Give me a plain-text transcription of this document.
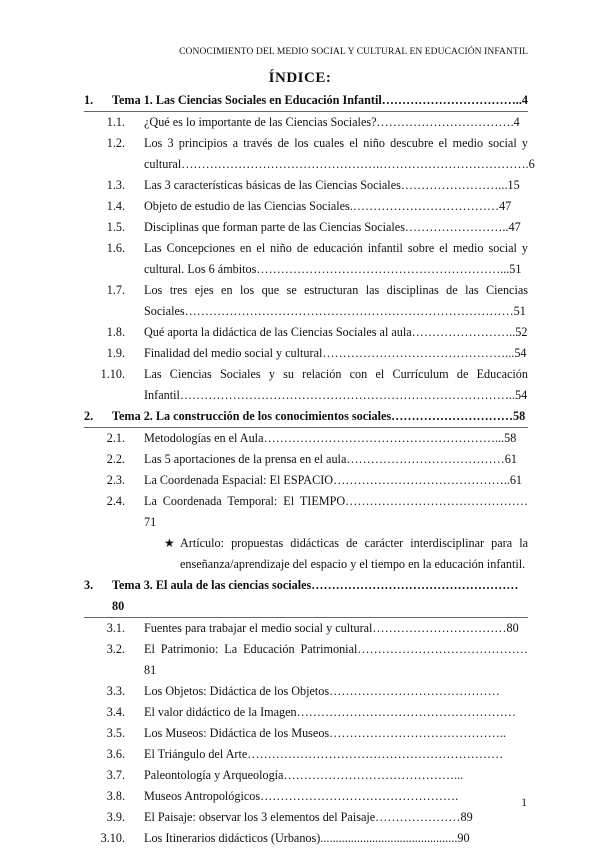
CONOCIMIENTO DEL MEDIO SOCIAL Y CULTURAL EN EDUCACIÓN INFANTIL
ÍNDICE:
1.	Tema 1. Las Ciencias Sociales en Educación Infantil……………………………..4
1.1. ¿Qué es lo importante de las Ciencias Sociales?…………………………….4
1.2. Los 3 principios a través de los cuales el niño descubre el medio social y cultural………………………………………….……………………………….6
1.3. Las 3 características básicas de las Ciencias Sociales……………………...15
1.4. Objeto de estudio de las Ciencias Sociales.………………………………47
1.5. Disciplinas que forman parte de las Ciencias Sociales……………………..47
1.6. Las Concepciones en el niño de educación infantil sobre el medio social y cultural. Los 6 ámbitos……………………………………………………...51
1.7. Los tres ejes en los que se estructuran las disciplinas de las Ciencias Sociales………………………………………………………………………51
1.8. Qué aporta la didáctica de las Ciencias Sociales al aula……………………..52
1.9. Finalidad del medio social y cultural………………………………………...54
1.10. Las Ciencias Sociales y su relación con el Currículum de Educación Infantil………………………………………………………………………..54
2.	Tema 2. La construcción de los conocimientos sociales…………………………58
2.1. Metodologías en el Aula…………………………………………………...58
2.2. Las 5 aportaciones de la prensa en el aula…………………………………61
2.3. La Coordenada Espacial: El ESPACIO……………………………………..61
2.4. La Coordenada Temporal: El TIEMPO………………………………………71
★ Artículo: propuestas didácticas de carácter interdisciplinar para la enseñanza/aprendizaje del espacio y el tiempo en la educación infantil.
3.	Tema 3. El aula de las ciencias sociales……………………………………………80
3.1. Fuentes para trabajar el medio social y cultural……………………………80
3.2. El Patrimonio: La Educación Patrimonial……………………………………81
3.3. Los Objetos: Didáctica de los Objetos……………………………………
3.4. El valor didáctico de la Imagen………………………………………………
3.5. Los Museos: Didáctica de los Museos……………………………………..
3.6. El Triángulo del Arte………………………………………………………
3.7. Paleontología y Arqueología……………………………………...
3.8. Museos Antropológicos………………………………………….
3.9. El Paisaje: observar los 3 elementos del Paisaje…………………89
3.10. Los Itinerarios didácticos (Urbanos).............................................90
1
